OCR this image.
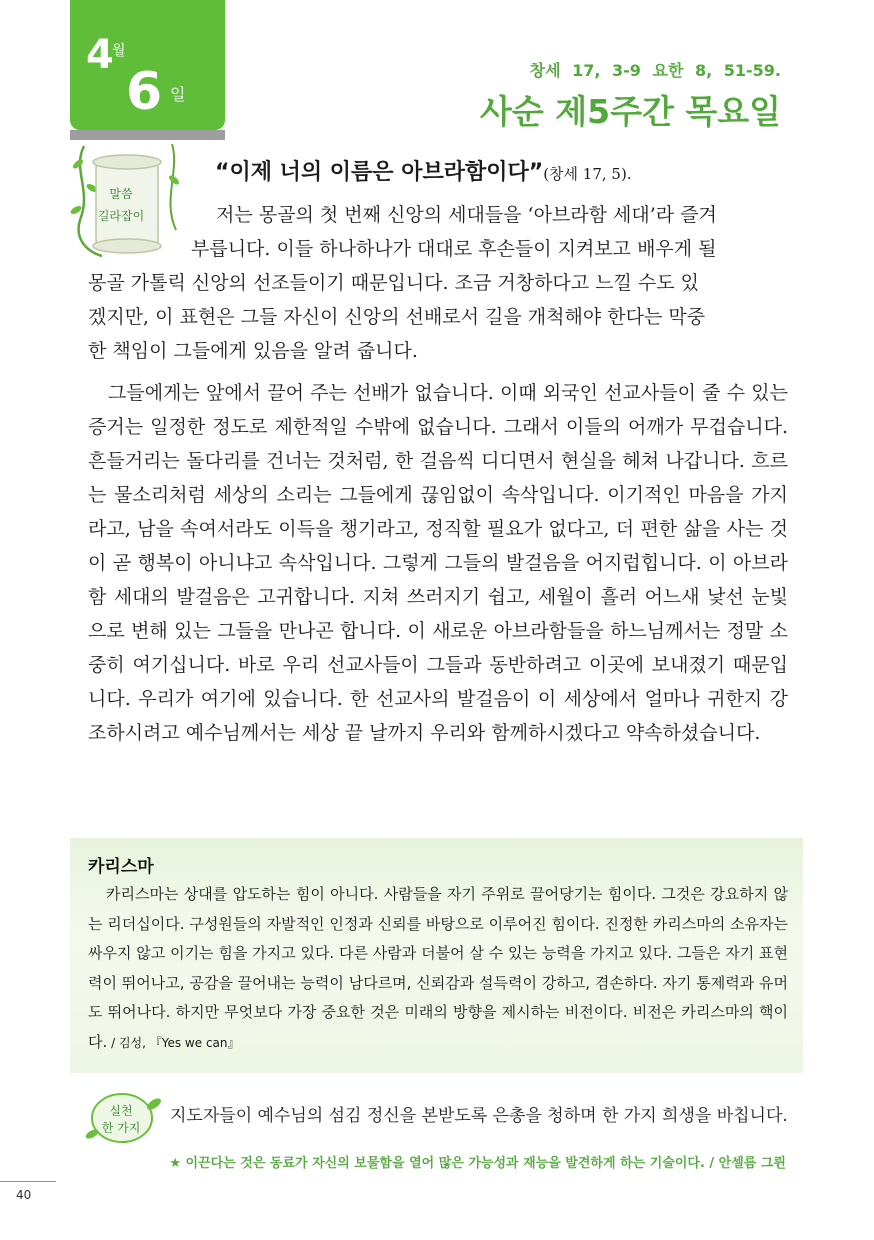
4
월
6 일
창세 17, 3-9 요한 8, 51-59.
사순 제5주간 목요일
말씀
길라잡이
“이제 너의 이름은 아브라함이다”(창세 17, 5).
저는 몽골의 첫 번째 신앙의 세대들을 ‘아브라함 세대’라 즐겨
부릅니다. 이들 하나하나가 대대로 후손들이 지켜보고 배우게 될
몽골 가톨릭 신앙의 선조들이기 때문입니다. 조금 거창하다고 느낄 수도 있
겠지만, 이 표현은 그들 자신이 신앙의 선배로서 길을 개척해야 한다는 막중
한 책임이 그들에게 있음을 알려 줍니다.
그들에게는 앞에서 끌어 주는 선배가 없습니다. 이때 외국인 선교사들이 줄 수 있는 증거는 일정한 정도로 제한적일 수밖에 없습니다. 그래서 이들의 어깨가 무겁습니다. 흔들거리는 돌다리를 건너는 것처럼, 한 걸음씩 디디면서 현실을 헤쳐 나갑니다. 흐르는 물소리처럼 세상의 소리는 그들에게 끊임없이 속삭입니다. 이기적인 마음을 가지라고, 남을 속여서라도 이득을 챙기라고, 정직할 필요가 없다고, 더 편한 삶을 사는 것이 곧 행복이 아니냐고 속삭입니다. 그렇게 그들의 발걸음을 어지럽힙니다. 이 아브라함 세대의 발걸음은 고귀합니다. 지쳐 쓰러지기 쉽고, 세월이 흘러 어느새 낯선 눈빛으로 변해 있는 그들을 만나곤 합니다. 이 새로운 아브라함들을 하느님께서는 정말 소중히 여기십니다. 바로 우리 선교사들이 그들과 동반하려고 이곳에 보내졌기 때문입니다. 우리가 여기에 있습니다. 한 선교사의 발걸음이 이 세상에서 얼마나 귀한지 강조하시려고 예수님께서는 세상 끝 날까지 우리와 함께하시겠다고 약속하셨습니다.
카리스마
카리스마는 상대를 압도하는 힘이 아니다. 사람들을 자기 주위로 끌어당기는 힘이다. 그것은 강요하지 않는 리더십이다. 구성원들의 자발적인 인정과 신뢰를 바탕으로 이루어진 힘이다. 진정한 카리스마의 소유자는 싸우지 않고 이기는 힘을 가지고 있다. 다른 사람과 더불어 살 수 있는 능력을 가지고 있다. 그들은 자기 표현력이 뛰어나고, 공감을 끌어내는 능력이 남다르며, 신뢰감과 설득력이 강하고, 겸손하다. 자기 통제력과 유머도 뛰어나다. 하지만 무엇보다 가장 중요한 것은 미래의 방향을 제시하는 비전이다. 비전은 카리스마의 핵이다. / 김성, 『Yes we can』
실천
한 가지
지도자들이 예수님의 섬김 정신을 본받도록 은총을 청하며 한 가지 희생을 바칩니다.
★ 이끈다는 것은 동료가 자신의 보물함을 열어 많은 가능성과 재능을 발견하게 하는 기술이다. / 안셀름 그륀
40
